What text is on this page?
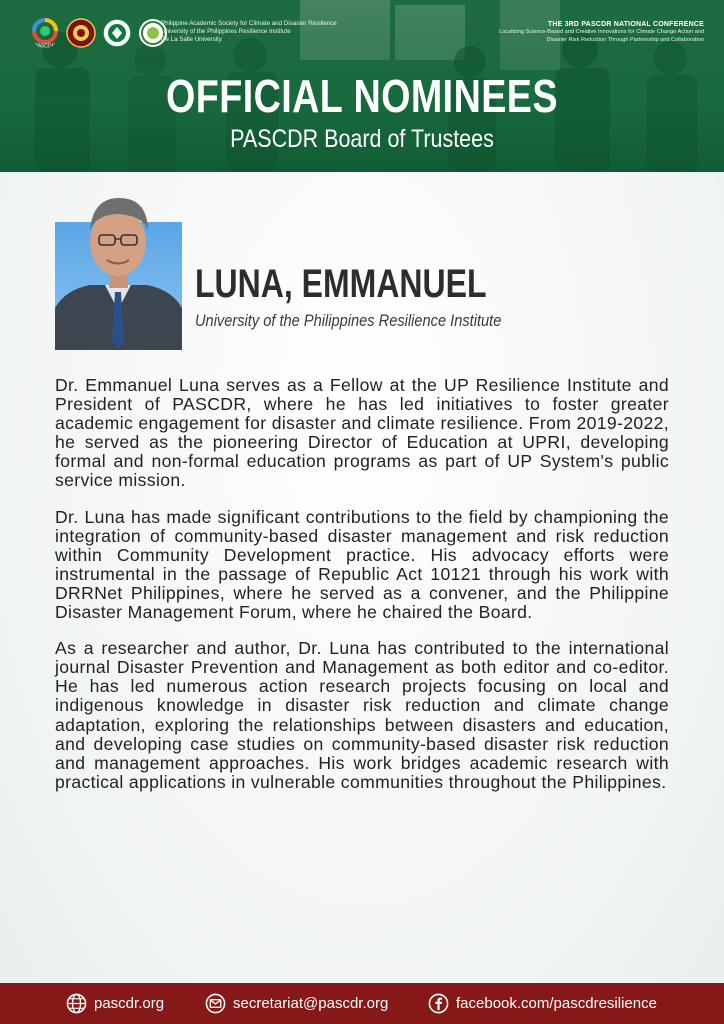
PASCDR
Philippine Academic Society for Climate and Disaster Resilience
University of the Philippines Resilience Institute
De La Salle University
THE 3RD PASCDR NATIONAL CONFERENCE
Localizing Science-Based and Creative Innovations for Climate Change Action and
Disaster Risk Reduction Through Partnership and Collaboration
OFFICIAL NOMINEES
PASCDR Board of Trustees
LUNA, EMMANUEL
University of the Philippines Resilience Institute

Dr. Emmanuel Luna serves as a Fellow at the UP Resilience Institute and President of PASCDR, where he has led initiatives to foster greater academic engagement for disaster and climate resilience. From 2019-2022, he served as the pioneering Director of Education at UPRI, developing formal and non-formal education programs as part of UP System's public service mission.

Dr. Luna has made significant contributions to the field by championing the integration of community-based disaster management and risk reduction within Community Development practice. His advocacy efforts were instrumental in the passage of Republic Act 10121 through his work with DRRNet Philippines, where he served as a convener, and the Philippine Disaster Management Forum, where he chaired the Board.

As a researcher and author, Dr. Luna has contributed to the international journal Disaster Prevention and Management as both editor and co-editor. He has led numerous action research projects focusing on local and indigenous knowledge in disaster risk reduction and climate change adaptation, exploring the relationships between disasters and education, and developing case studies on community-based disaster risk reduction and management approaches. His work bridges academic research with practical applications in vulnerable communities throughout the Philippines.

pascdr.org	secretariat@pascdr.org	facebook.com/pascdresilience
